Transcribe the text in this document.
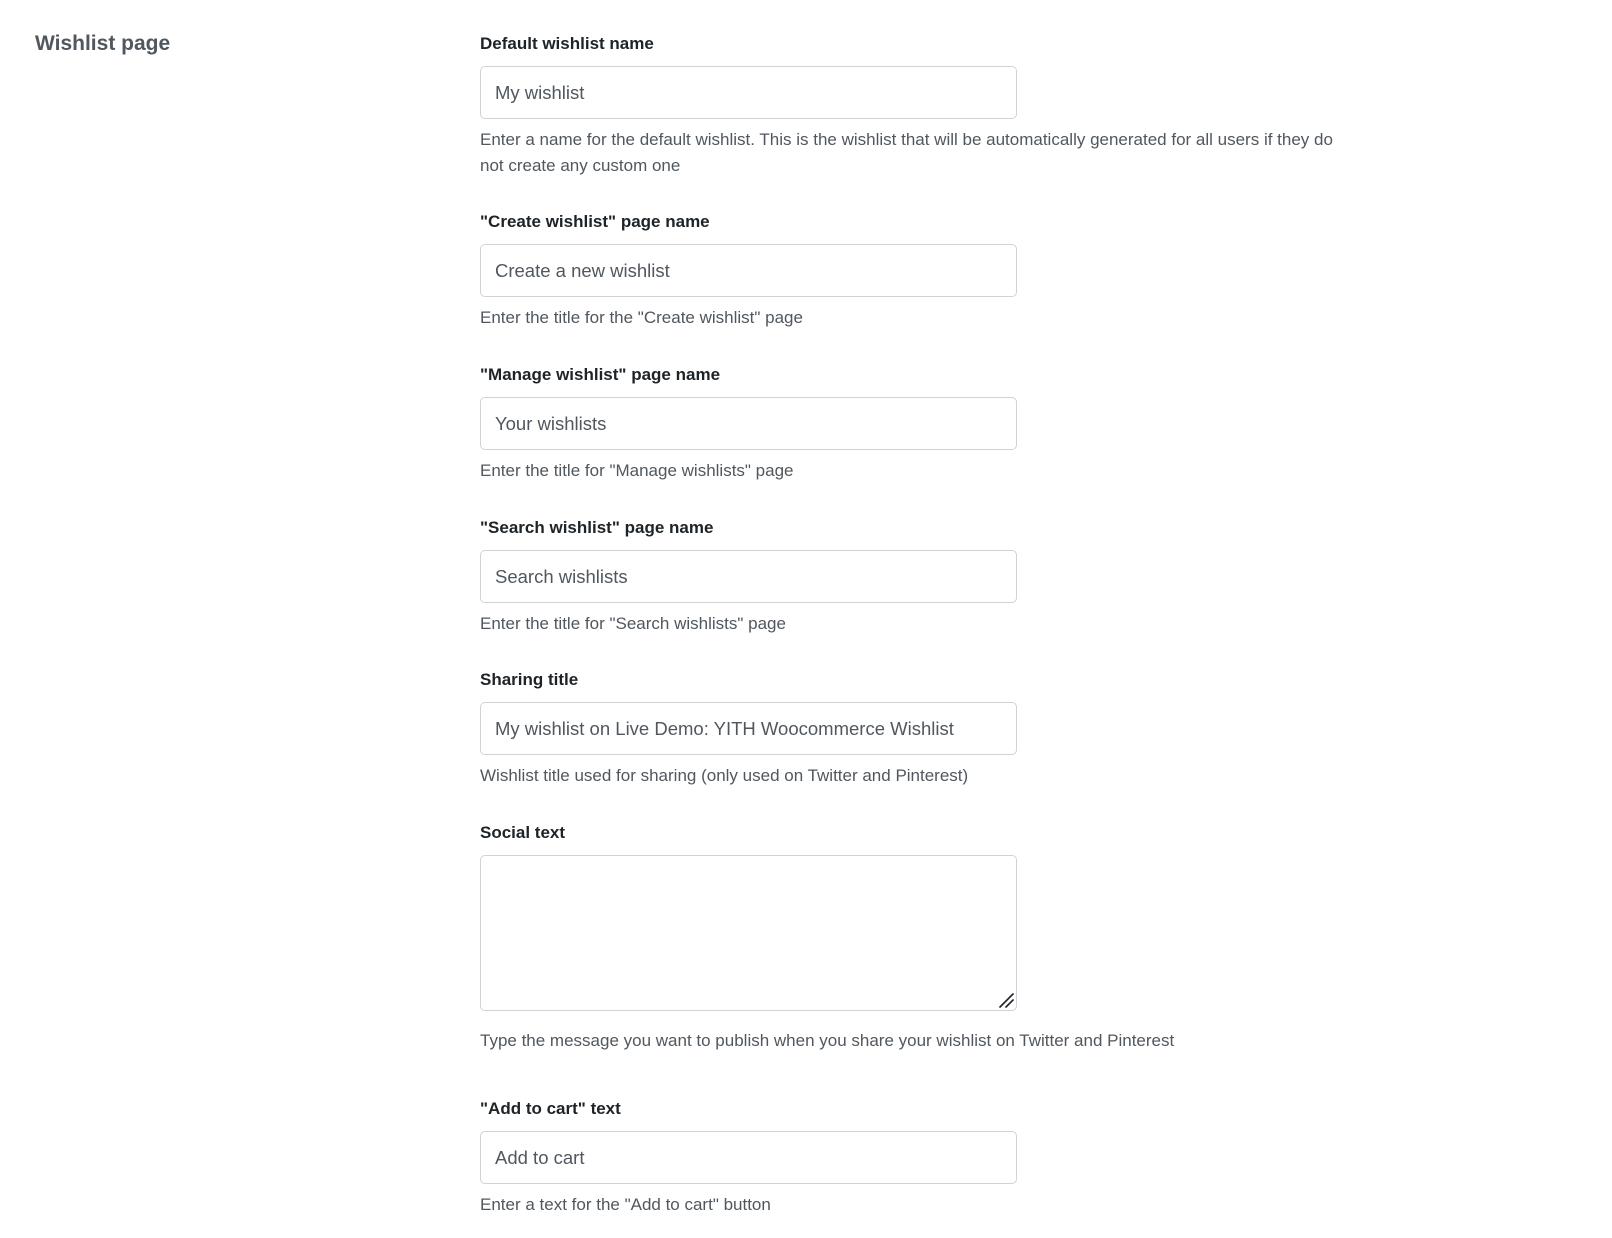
Wishlist page	Default wishlist name
My wishlist

Enter a name for the default wishlist. This is the wishlist that will be automatically generated for all users if they do not create any custom one

"Create wishlist" page name
Create a new wishlist

Enter the title for the "Create wishlist" page

"Manage wishlist" page name
Your wishlists

Enter the title for "Manage wishlists" page

"Search wishlist" page name
Search wishlists

Enter the title for "Search wishlists" page

Sharing title
My wishlist on Live Demo: YITH Woocommerce Wishlist

Wishlist title used for sharing (only used on Twitter and Pinterest)

Social text

Type the message you want to publish when you share your wishlist on Twitter and Pinterest

"Add to cart" text
Add to cart

Enter a text for the "Add to cart" button
